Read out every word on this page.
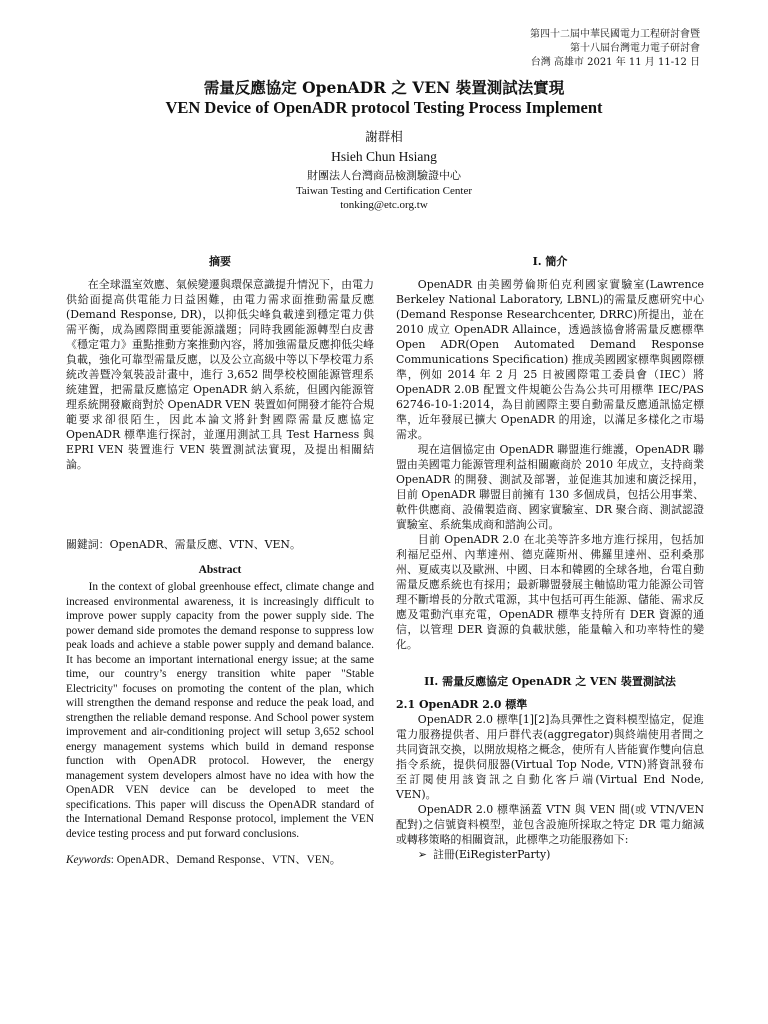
第四十二屆中華民國電力工程研討會暨
第十八屆台灣電力電子研討會
台灣 高雄市 2021 年 11 月 11-12 日
需量反應協定 OpenADR 之 VEN 裝置測試法實現
VEN Device of OpenADR protocol Testing Process Implement
謝群相
Hsieh Chun Hsiang
財團法人台灣商品檢測驗證中心
Taiwan Testing and Certification Center
tonking@etc.org.tw
摘要

在全球溫室效應、氣候變遷與環保意識提升情況下，由電力供給面提高供電能力日益困難，由電力需求面推動需量反應(Demand Response, DR)，以抑低尖峰負載達到穩定電力供需平衡，成為國際間重要能源議題；同時我國能源轉型白皮書《穩定電力》重點推動方案推動內容，將加強需量反應抑低尖峰負載，強化可靠型需量反應，以及公立高級中等以下學校電力系統改善暨冷氣裝設計畫中，進行 3,652 間學校校園能源管理系統建置，把需量反應協定 OpenADR 納入系統，但國內能源管理系統開發廠商對於 OpenADR VEN 裝置如何開發才能符合規範要求卻很陌生，因此本論文將針對國際需量反應協定 OpenADR 標準進行探討，並運用測試工具 Test Harness 與 EPRI VEN 裝置進行 VEN 裝置測試法實現，及提出相關結論。

關鍵詞：OpenADR、需量反應、VTN、VEN。
Abstract

In the context of global greenhouse effect, climate change and increased environmental awareness, it is increasingly difficult to improve power supply capacity from the power supply side. The power demand side promotes the demand response to suppress low peak loads and achieve a stable power supply and demand balance. It has become an important international energy issue; at the same time, our country’s energy transition white paper "Stable Electricity" focuses on promoting the content of the plan, which will strengthen the demand response and reduce the peak load, and strengthen the reliable demand response. And School power system improvement and air-conditioning project will setup 3,652 school energy management systems which build in demand response function with OpenADR protocol. However, the energy management system developers almost have no idea with how the OpenADR VEN device can be developed to meet the specifications. This paper will discuss the OpenADR standard of the International Demand Response protocol, implement the VEN device testing process and put forward conclusions.

Keywords: OpenADR、Demand Response、VTN、VEN。
I. 簡介

OpenADR 由美國勞倫斯伯克利國家實驗室(Lawrence Berkeley National Laboratory, LBNL)的需量反應研究中心(Demand Response Researchcenter, DRRC)所提出，並在 2010 成立 OpenADR Allaince，透過該協會將需量反應標準 Open ADR(Open Automated Demand Response Communications Specification) 推成美國國家標準與國際標準，例如 2014 年 2 月 25 日被國際電工委員會（IEC）將 OpenADR 2.0B 配置文件規範公告為公共可用標準 IEC/PAS 62746-10-1:2014，為目前國際主要自動需量反應通訊協定標準，近年發展已擴大 OpenADR 的用途，以滿足多樣化之市場需求。

現在這個協定由 OpenADR 聯盟進行維護，OpenADR 聯盟由美國電力能源管理利益相關廠商於 2010 年成立，支持商業 OpenADR 的開發、測試及部署，並促進其加速和廣泛採用，目前 OpenADR 聯盟目前擁有 130 多個成員，包括公用事業、軟件供應商、設備製造商、國家實驗室、DR 聚合商、測試認證實驗室、系統集成商和諮詢公司。

目前 OpenADR 2.0 在北美等許多地方進行採用，包括加利福尼亞州、內華達州、德克薩斯州、佛羅里達州、亞利桑那州、夏威夷以及歐洲、中國、日本和韓國的全球各地，台電自動需量反應系統也有採用；最新聯盟發展主軸協助電力能源公司管理不斷增長的分散式電源，其中包括可再生能源、儲能、需求反應及電動汽車充電，OpenADR 標準支持所有 DER 資源的通信，以管理 DER 資源的負載狀態，能量輸入和功率特性的變化。

II. 需量反應協定 OpenADR 之 VEN 裝置測試法
2.1 OpenADR 2.0 標準

OpenADR 2.0 標準[1][2]為具彈性之資料模型協定，促進電力服務提供者、用戶群代表(aggregator)與終端使用者間之共同資訊交換，以開放規格之概念，使所有人皆能實作雙向信息指令系統，提供伺服器(Virtual Top Node, VTN)將資訊發布至訂閱使用該資訊之自動化客戶端(Virtual End Node, VEN)。

OpenADR 2.0 標準涵蓋 VTN 與 VEN 間(或 VTN/VEN 配對)之信號資料模型，並包含設施所採取之特定 DR 電力縮減或轉移策略的相關資訊，此標準之功能服務如下:

➢ 註冊(EiRegisterParty)
